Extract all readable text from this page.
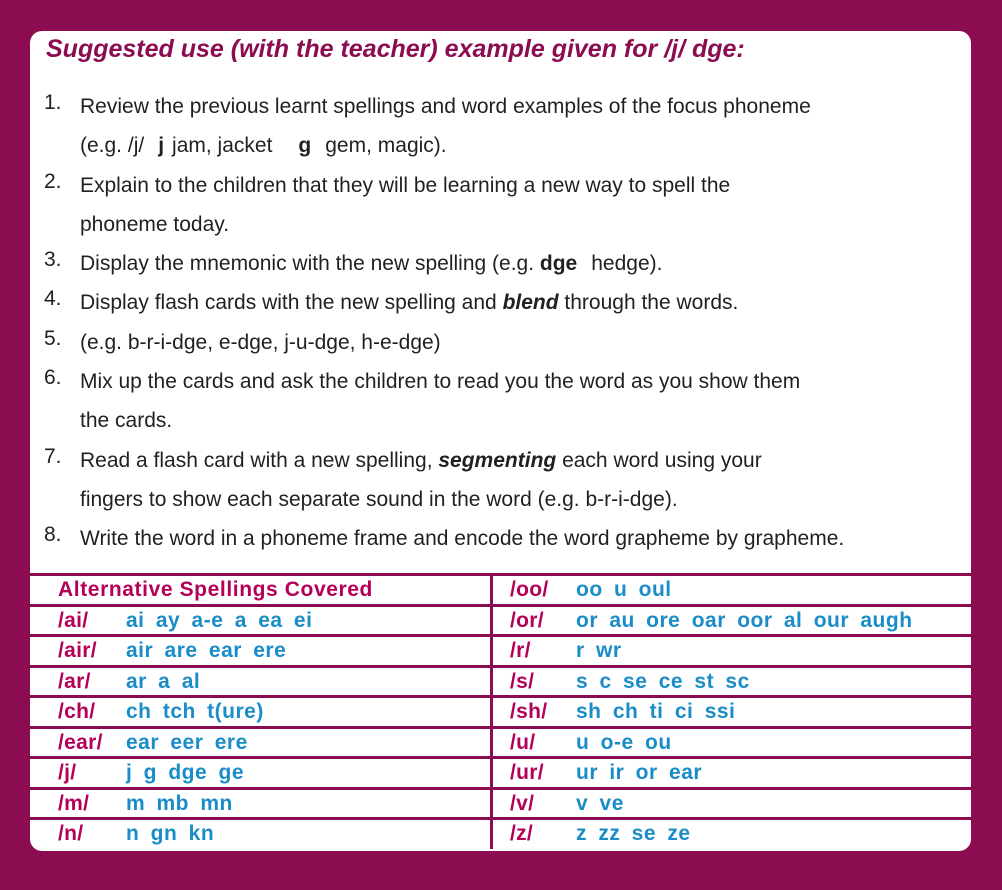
Suggested use (with the teacher) example given for /j/ dge:
1. Review the previous learnt spellings and word examples of the focus phoneme
(e.g. /j/ j jam, jacket g gem, magic).
2. Explain to the children that they will be learning a new way to spell the
phoneme today.
3. Display the mnemonic with the new spelling (e.g. dge hedge).
4. Display flash cards with the new spelling and blend through the words.
5. (e.g. b-r-i-dge, e-dge, j-u-dge, h-e-dge)
6. Mix up the cards and ask the children to read you the word as you show them
the cards.
7. Read a flash card with a new spelling, segmenting each word using your
fingers to show each separate sound in the word (e.g. b-r-i-dge).
8. Write the word in a phoneme frame and encode the word grapheme by grapheme.
Alternative Spellings Covered	/oo/ oo u oul
/ai/ ai ay a-e a ea ei	/or/ or au ore oar oor al our augh
/air/ air are ear ere	/r/ r wr
/ar/ ar a al	/s/ s c se ce st sc
/ch/ ch tch t(ure)	/sh/ sh ch ti ci ssi
/ear/ ear eer ere	/u/ u o-e ou
/j/ j g dge ge	/ur/ ur ir or ear
/m/ m mb mn	/v/ v ve
/n/ n gn kn	/z/ z zz se ze
